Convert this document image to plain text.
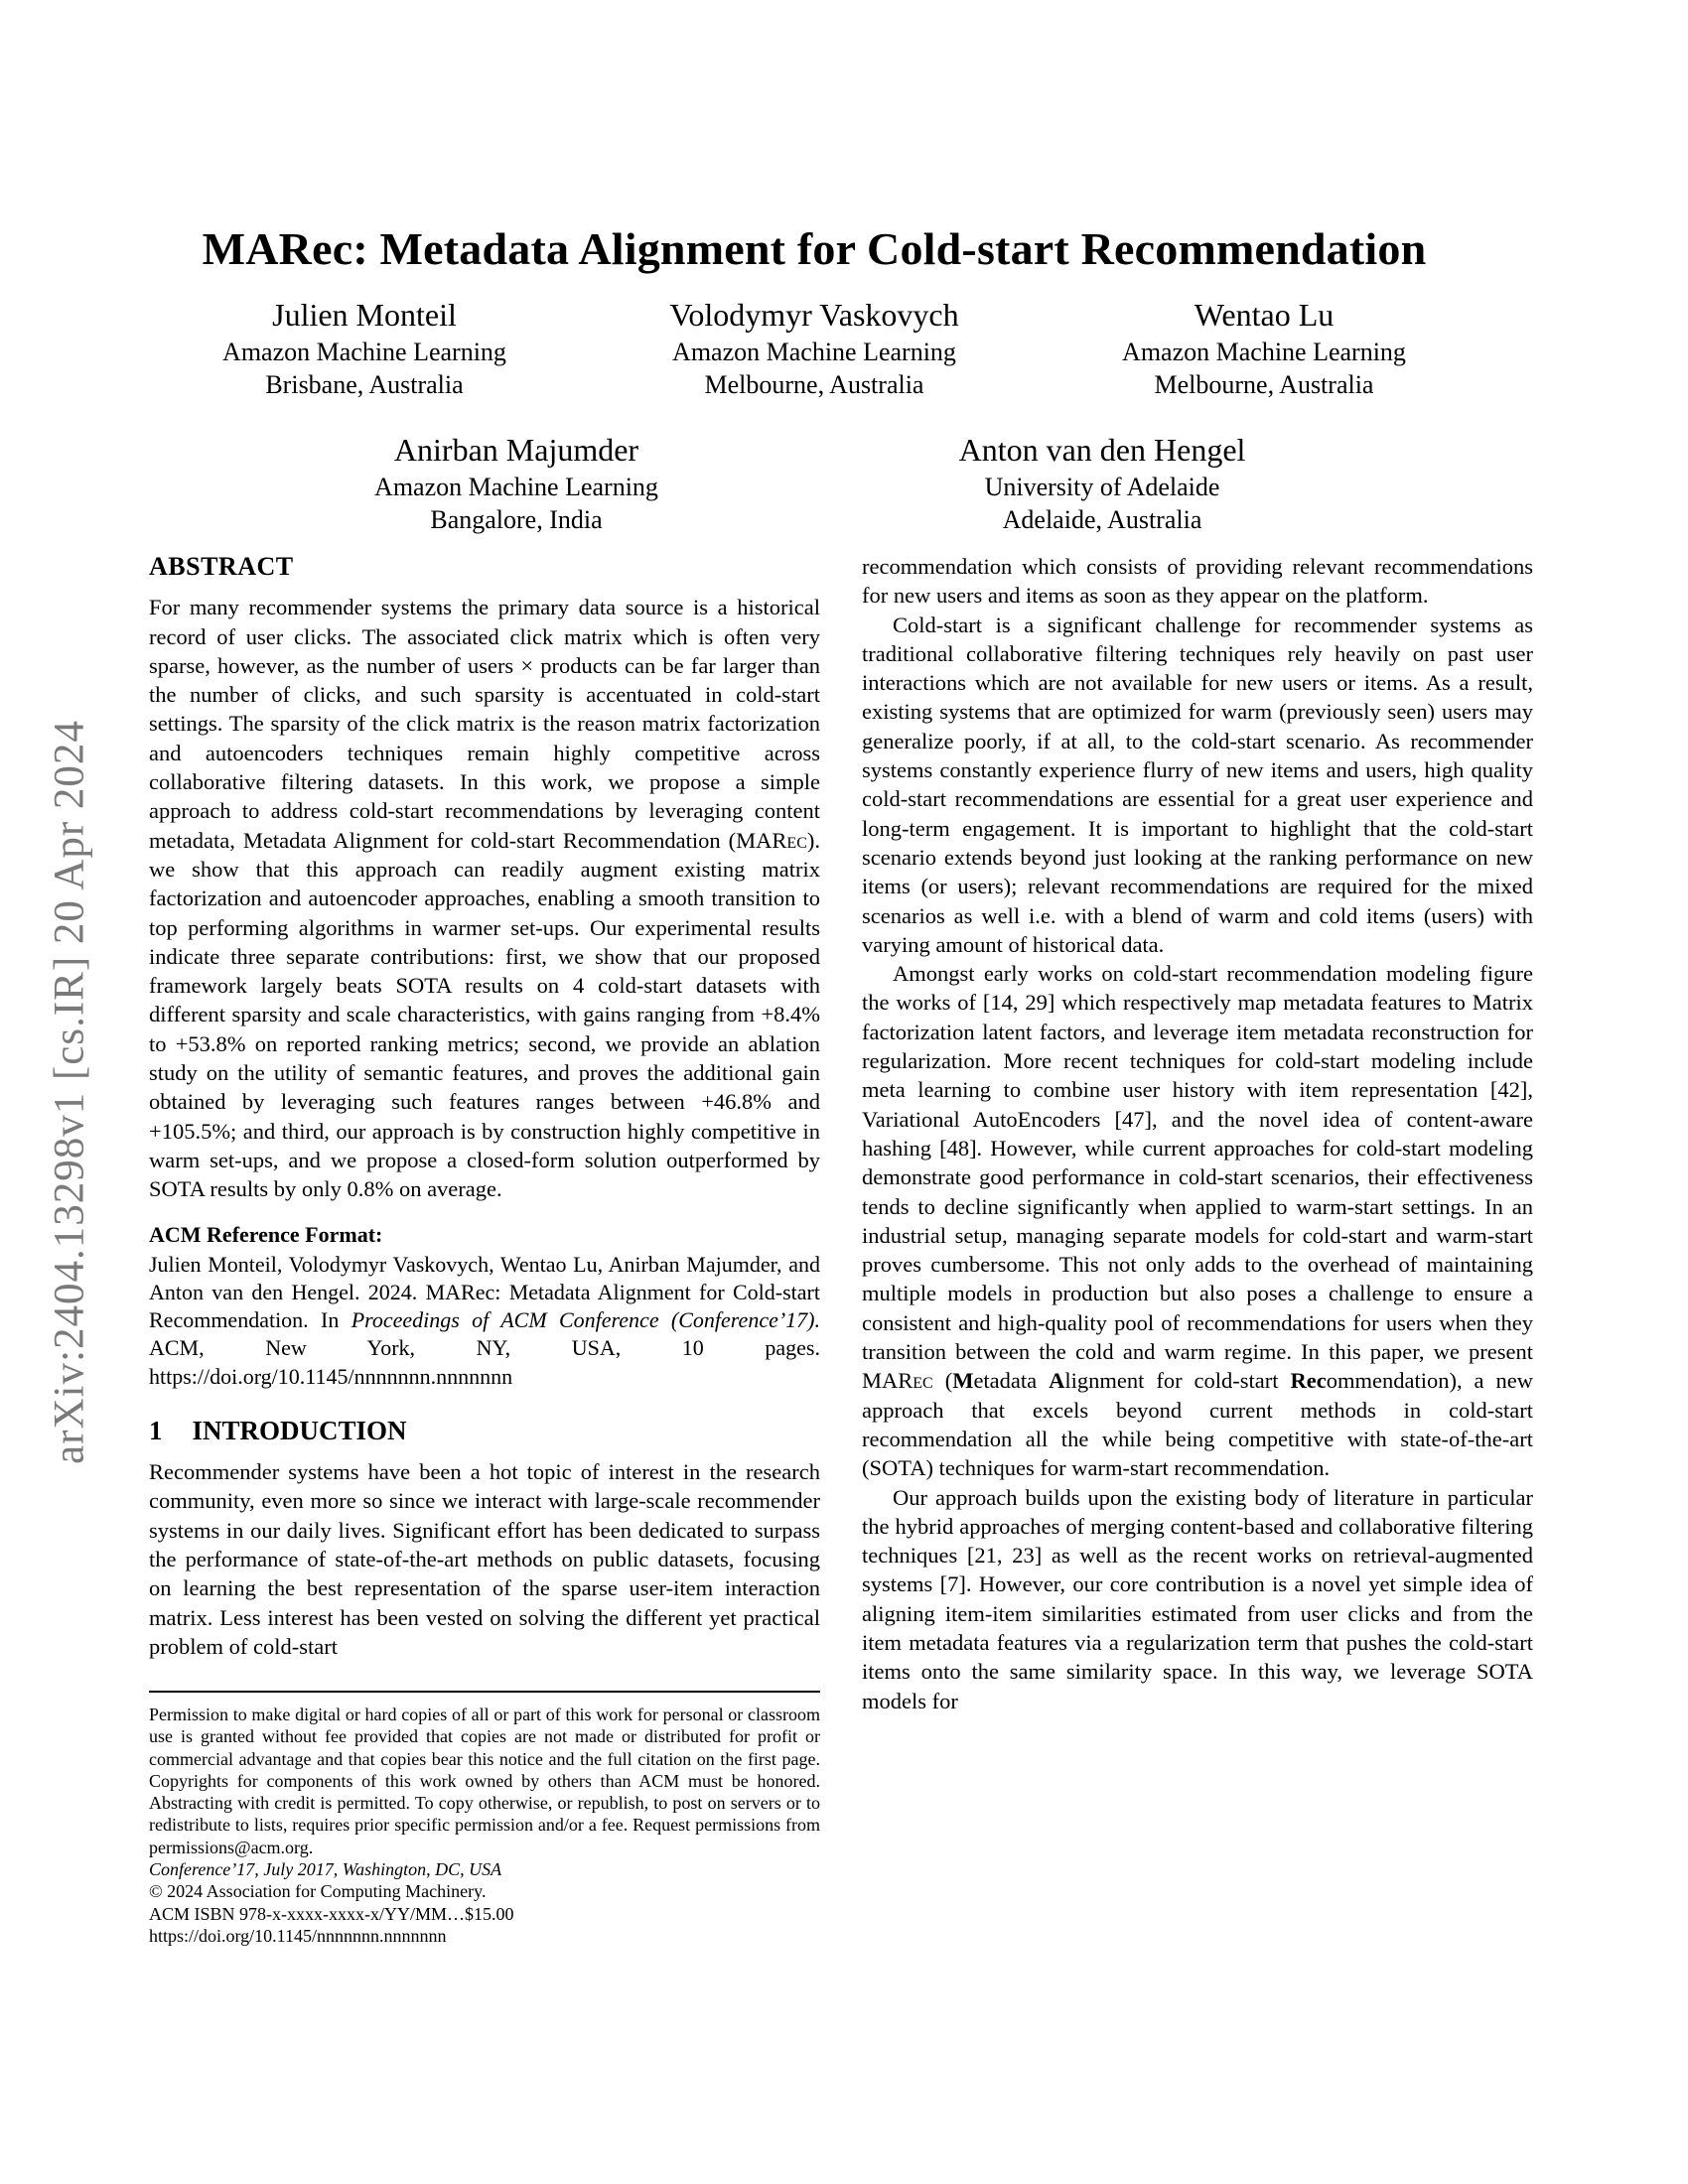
arXiv:2404.13298v1 [cs.IR] 20 Apr 2024
MARec: Metadata Alignment for Cold-start Recommendation
Julien Monteil
Amazon Machine Learning
Brisbane, Australia
Volodymyr Vaskovych
Amazon Machine Learning
Melbourne, Australia
Wentao Lu
Amazon Machine Learning
Melbourne, Australia
Anirban Majumder
Amazon Machine Learning
Bangalore, India
Anton van den Hengel
University of Adelaide
Adelaide, Australia
ABSTRACT

For many recommender systems the primary data source is a historical record of user clicks. The associated click matrix which is often very sparse, however, as the number of users × products can be far larger than the number of clicks, and such sparsity is accentuated in cold-start settings. The sparsity of the click matrix is the reason matrix factorization and autoencoders techniques remain highly competitive across collaborative filtering datasets. In this work, we propose a simple approach to address cold-start recommendations by leveraging content metadata, Metadata Alignment for cold-start Recommendation (MARec). we show that this approach can readily augment existing matrix factorization and autoencoder approaches, enabling a smooth transition to top performing algorithms in warmer set-ups. Our experimental results indicate three separate contributions: first, we show that our proposed framework largely beats SOTA results on 4 cold-start datasets with different sparsity and scale characteristics, with gains ranging from +8.4% to +53.8% on reported ranking metrics; second, we provide an ablation study on the utility of semantic features, and proves the additional gain obtained by leveraging such features ranges between +46.8% and +105.5%; and third, our approach is by construction highly competitive in warm set-ups, and we propose a closed-form solution outperformed by SOTA results by only 0.8% on average.

ACM Reference Format:

Julien Monteil, Volodymyr Vaskovych, Wentao Lu, Anirban Majumder, and Anton van den Hengel. 2024. MARec: Metadata Alignment for Cold-start Recommendation. In Proceedings of ACM Conference (Conference’17). ACM, New York, NY, USA, 10 pages. https://doi.org/10.1145/nnnnnnn.nnnnnnn

1 INTRODUCTION

Recommender systems have been a hot topic of interest in the research community, even more so since we interact with large-scale recommender systems in our daily lives. Significant effort has been dedicated to surpass the performance of state-of-the-art methods on public datasets, focusing on learning the best representation of the sparse user-item interaction matrix. Less interest has been vested on solving the different yet practical problem of cold-start

recommendation which consists of providing relevant recommendations for new users and items as soon as they appear on the platform.

Cold-start is a significant challenge for recommender systems as traditional collaborative filtering techniques rely heavily on past user interactions which are not available for new users or items. As a result, existing systems that are optimized for warm (previously seen) users may generalize poorly, if at all, to the cold-start scenario. As recommender systems constantly experience flurry of new items and users, high quality cold-start recommendations are essential for a great user experience and long-term engagement. It is important to highlight that the cold-start scenario extends beyond just looking at the ranking performance on new items (or users); relevant recommendations are required for the mixed scenarios as well i.e. with a blend of warm and cold items (users) with varying amount of historical data.

Amongst early works on cold-start recommendation modeling figure the works of [14, 29] which respectively map metadata features to Matrix factorization latent factors, and leverage item metadata reconstruction for regularization. More recent techniques for cold-start modeling include meta learning to combine user history with item representation [42], Variational AutoEncoders [47], and the novel idea of content-aware hashing [48]. However, while current approaches for cold-start modeling demonstrate good performance in cold-start scenarios, their effectiveness tends to decline significantly when applied to warm-start settings. In an industrial setup, managing separate models for cold-start and warm-start proves cumbersome. This not only adds to the overhead of maintaining multiple models in production but also poses a challenge to ensure a consistent and high-quality pool of recommendations for users when they transition between the cold and warm regime. In this paper, we present MARec (Metadata Alignment for cold-start Recommendation), a new approach that excels beyond current methods in cold-start recommendation all the while being competitive with state-of-the-art (SOTA) techniques for warm-start recommendation.

Our approach builds upon the existing body of literature in particular the hybrid approaches of merging content-based and collaborative filtering techniques [21, 23] as well as the recent works on retrieval-augmented systems [7]. However, our core contribution is a novel yet simple idea of aligning item-item similarities estimated from user clicks and from the item metadata features via a regularization term that pushes the cold-start items onto the same similarity space. In this way, we leverage SOTA models for

Permission to make digital or hard copies of all or part of this work for personal or classroom use is granted without fee provided that copies are not made or distributed for profit or commercial advantage and that copies bear this notice and the full citation on the first page. Copyrights for components of this work owned by others than ACM must be honored. Abstracting with credit is permitted. To copy otherwise, or republish, to post on servers or to redistribute to lists, requires prior specific permission and/or a fee. Request permissions from permissions@acm.org.

Conference’17, July 2017, Washington, DC, USA

© 2024 Association for Computing Machinery.

ACM ISBN 978-x-xxxx-xxxx-x/YY/MM…$15.00

https://doi.org/10.1145/nnnnnnn.nnnnnnn
